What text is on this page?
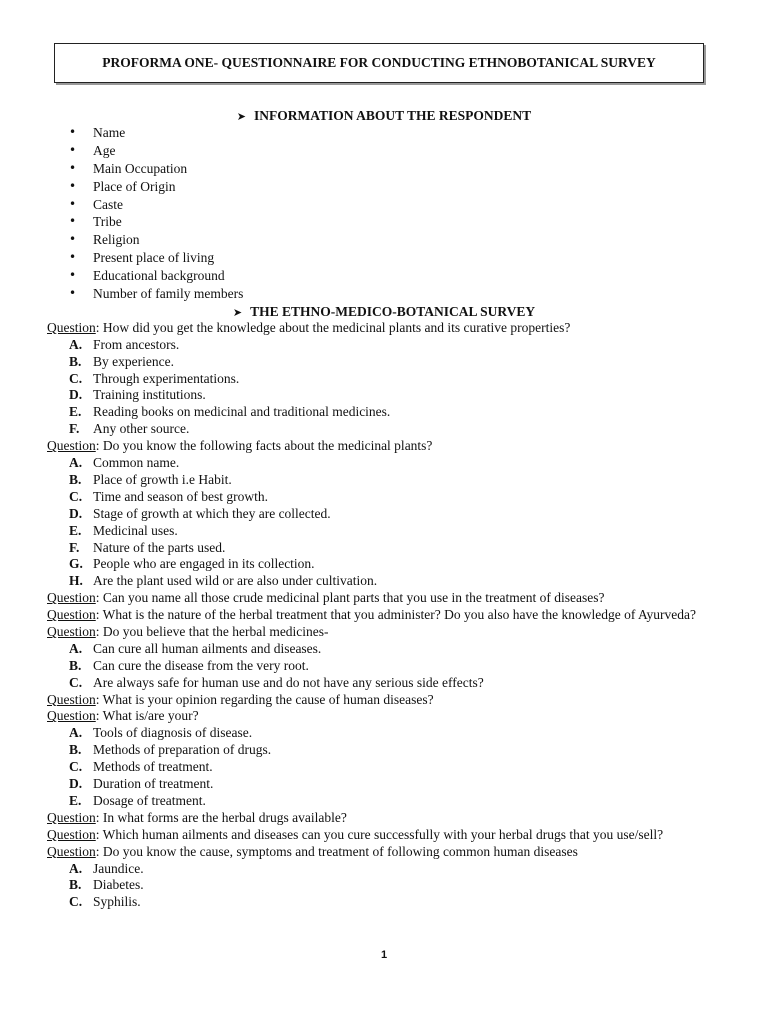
PROFORMA ONE- QUESTIONNAIRE FOR CONDUCTING ETHNOBOTANICAL SURVEY
➤ INFORMATION ABOUT THE RESPONDENT
• Name
• Age
• Main Occupation
• Place of Origin
• Caste
• Tribe
• Religion
• Present place of living
• Educational background
• Number of family members
➤ THE ETHNO-MEDICO-BOTANICAL SURVEY
Question: How did you get the knowledge about the medicinal plants and its curative properties?
A. From ancestors.
B. By experience.
C. Through experimentations.
D. Training institutions.
E. Reading books on medicinal and traditional medicines.
F. Any other source.
Question: Do you know the following facts about the medicinal plants?
A. Common name.
B. Place of growth i.e Habit.
C. Time and season of best growth.
D. Stage of growth at which they are collected.
E. Medicinal uses.
F. Nature of the parts used.
G. People who are engaged in its collection.
H. Are the plant used wild or are also under cultivation.
Question: Can you name all those crude medicinal plant parts that you use in the treatment of diseases?
Question: What is the nature of the herbal treatment that you administer? Do you also have the knowledge of Ayurveda?
Question: Do you believe that the herbal medicines-
A. Can cure all human ailments and diseases.
B. Can cure the disease from the very root.
C. Are always safe for human use and do not have any serious side effects?
Question: What is your opinion regarding the cause of human diseases?
Question: What is/are your?
A. Tools of diagnosis of disease.
B. Methods of preparation of drugs.
C. Methods of treatment.
D. Duration of treatment.
E. Dosage of treatment.
Question: In what forms are the herbal drugs available?
Question: Which human ailments and diseases can you cure successfully with your herbal drugs that you use/sell?
Question: Do you know the cause, symptoms and treatment of following common human diseases
A. Jaundice.
B. Diabetes.
C. Syphilis.
1
